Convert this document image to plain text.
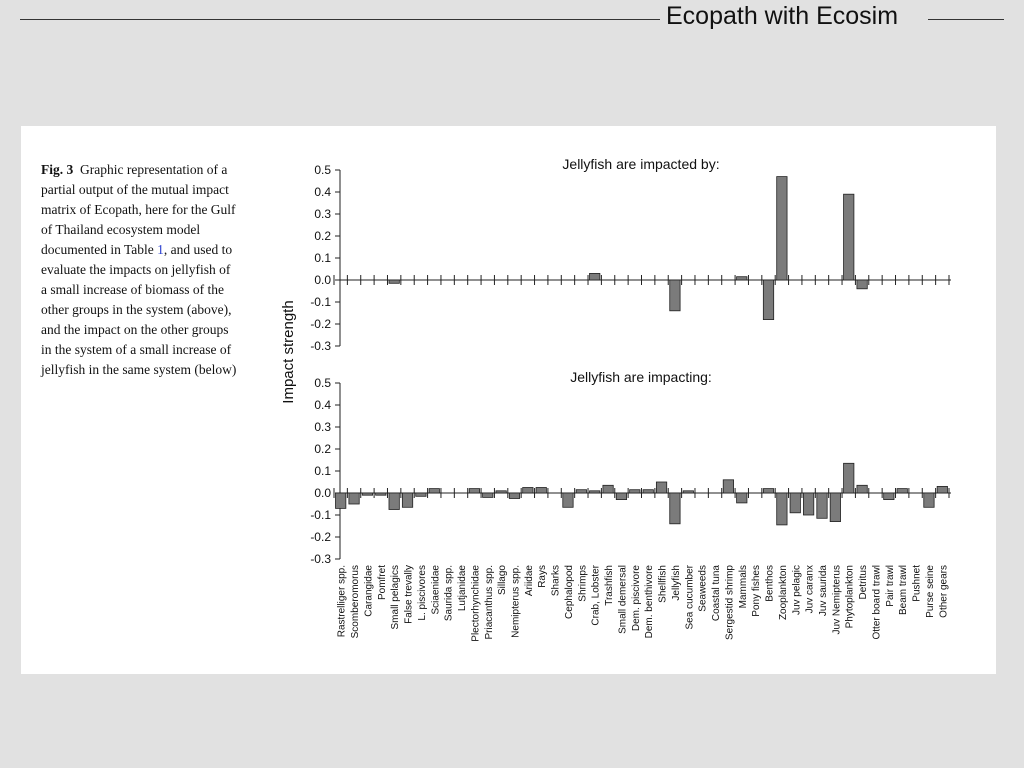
Ecopath with Ecosim
Fig. 3 Graphic representation of a partial output of the mutual impact matrix of Ecopath, here for the Gulf of Thailand ecosystem model documented in Table 1, and used to evaluate the impacts on jellyfish of a small increase of biomass of the other groups in the system (above), and the impact on the other groups in the system of a small increase of jellyfish in the same system (below)
Jellyfish are impacted by:
0.5
0.4
0.3
0.2
0.1
0.0
-0.1
-0.2
-0.3
Jellyfish are impacting:
0.5
0.4
0.3
0.2
0.1
0.0
-0.1
-0.2
-0.3
Impact strength
Rastrelliger spp. Scomberomorus Carangidae Pomfret Small pelagics False trevally L. piscivores Sciaenidae Saurida spp. Lutjanidae Plectorhynchidae Priacanthus spp. Sillago Nemipterus spp. Ariidae Rays Sharks Cephalopod Shrimps Crab, Lobster Trashfish Small demersal Dem. piscivore Dem. benthivore Shellfish Jellyfish Sea cucumber Seaweeds Coastal tuna Sergestid shrimp Mammals Pony fishes Benthos Zooplankton Juv pelagic Juv caranx Juv saurida Juv Nemipterus Phytoplankton Detritus Otter board trawl Pair trawl Beam trawl Pushnet Purse seine Other gears
